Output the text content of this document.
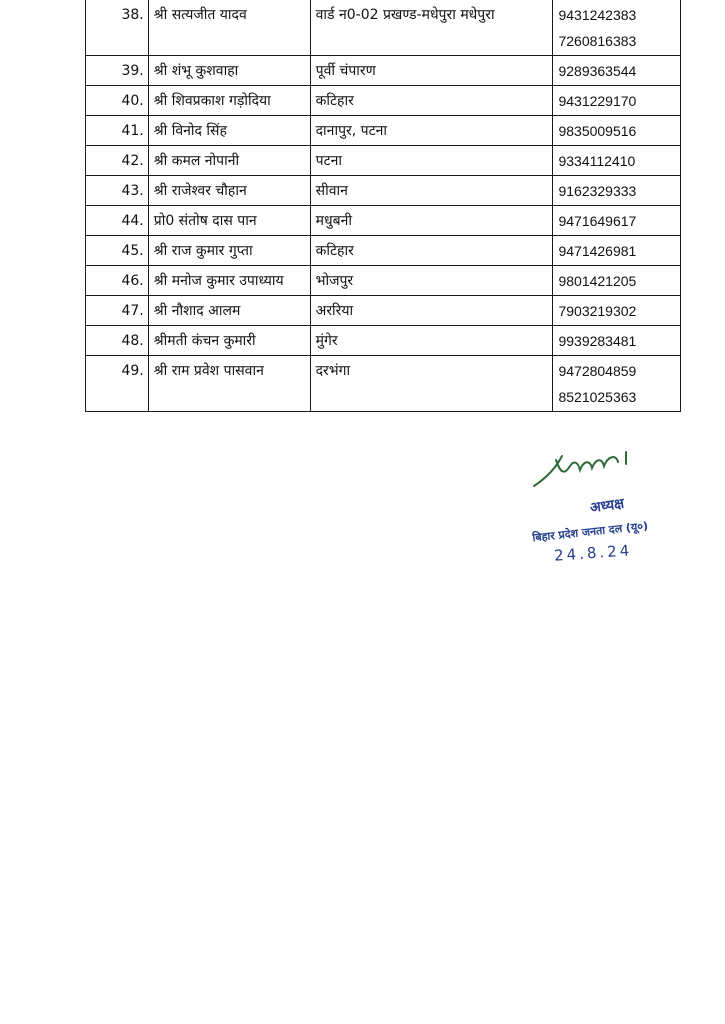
38.	श्री सत्यजीत यादव	वार्ड न0-02 प्रखण्ड-मधेपुरा मधेपुरा	9431242383
7260816383

39.	श्री शंभू कुशवाहा	पूर्वी चंपारण	9289363544

40.	श्री शिवप्रकाश गड़ोदिया	कटिहार	9431229170

41.	श्री विनोद सिंह	दानापुर, पटना	9835009516

42.	श्री कमल नोपानी	पटना	9334112410

43.	श्री राजेश्वर चौहान	सीवान	9162329333

44.	प्रो0 संतोष दास पान	मधुबनी	9471649617

45.	श्री राज कुमार गुप्ता	कटिहार	9471426981

46.	श्री मनोज कुमार उपाध्याय	भोजपुर	9801421205

47.	श्री नौशाद आलम	अररिया	7903219302

48.	श्रीमती कंचन कुमारी	मुंगेर	9939283481

49.	श्री राम प्रवेश पासवान	दरभंगा	9472804859
8521025363
अध्यक्ष
बिहार प्रदेश जनता दल (यू०)
24.8.24
